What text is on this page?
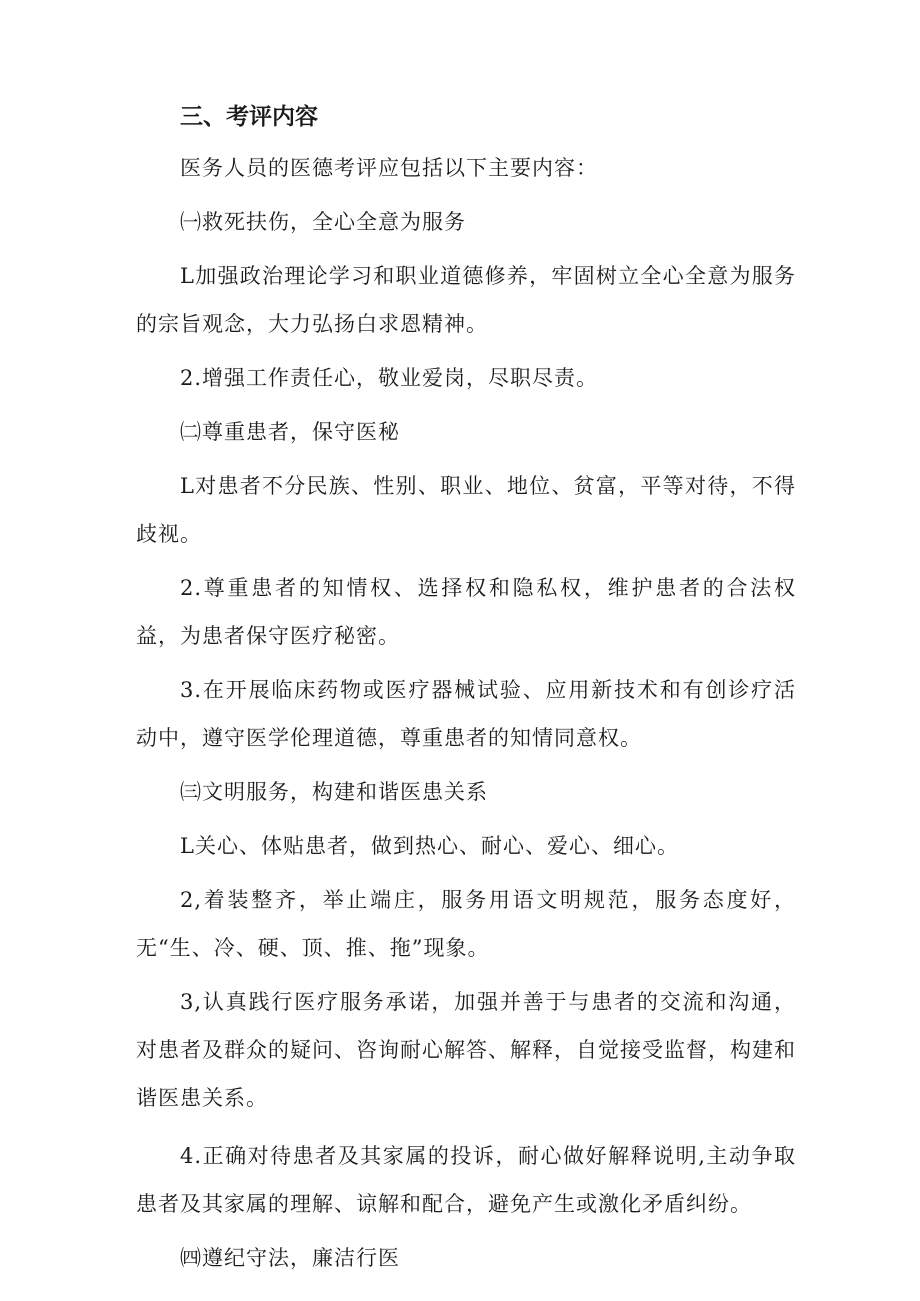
三、考评内容

医务人员的医德考评应包括以下主要内容：

㈠救死扶伤，全心全意为服务

L加强政治理论学习和职业道德修养，牢固树立全心全意为服务的宗旨观念，大力弘扬白求恩精神。

2.增强工作责任心，敬业爱岗，尽职尽责。

㈡尊重患者，保守医秘

L对患者不分民族、性别、职业、地位、贫富，平等对待，不得歧视。

2.尊重患者的知情权、选择权和隐私权，维护患者的合法权益，为患者保守医疗秘密。

3.在开展临床药物或医疗器械试验、应用新技术和有创诊疗活动中，遵守医学伦理道德，尊重患者的知情同意权。

㈢文明服务，构建和谐医患关系

L关心、体贴患者，做到热心、耐心、爱心、细心。

2,着装整齐，举止端庄，服务用语文明规范，服务态度好，无“生、冷、硬、顶、推、拖”现象。

3,认真践行医疗服务承诺，加强并善于与患者的交流和沟通，对患者及群众的疑问、咨询耐心解答、解释，自觉接受监督，构建和谐医患关系。

4.正确对待患者及其家属的投诉，耐心做好解释说明,主动争取患者及其家属的理解、谅解和配合，避免产生或激化矛盾纠纷。

㈣遵纪守法，廉洁行医
